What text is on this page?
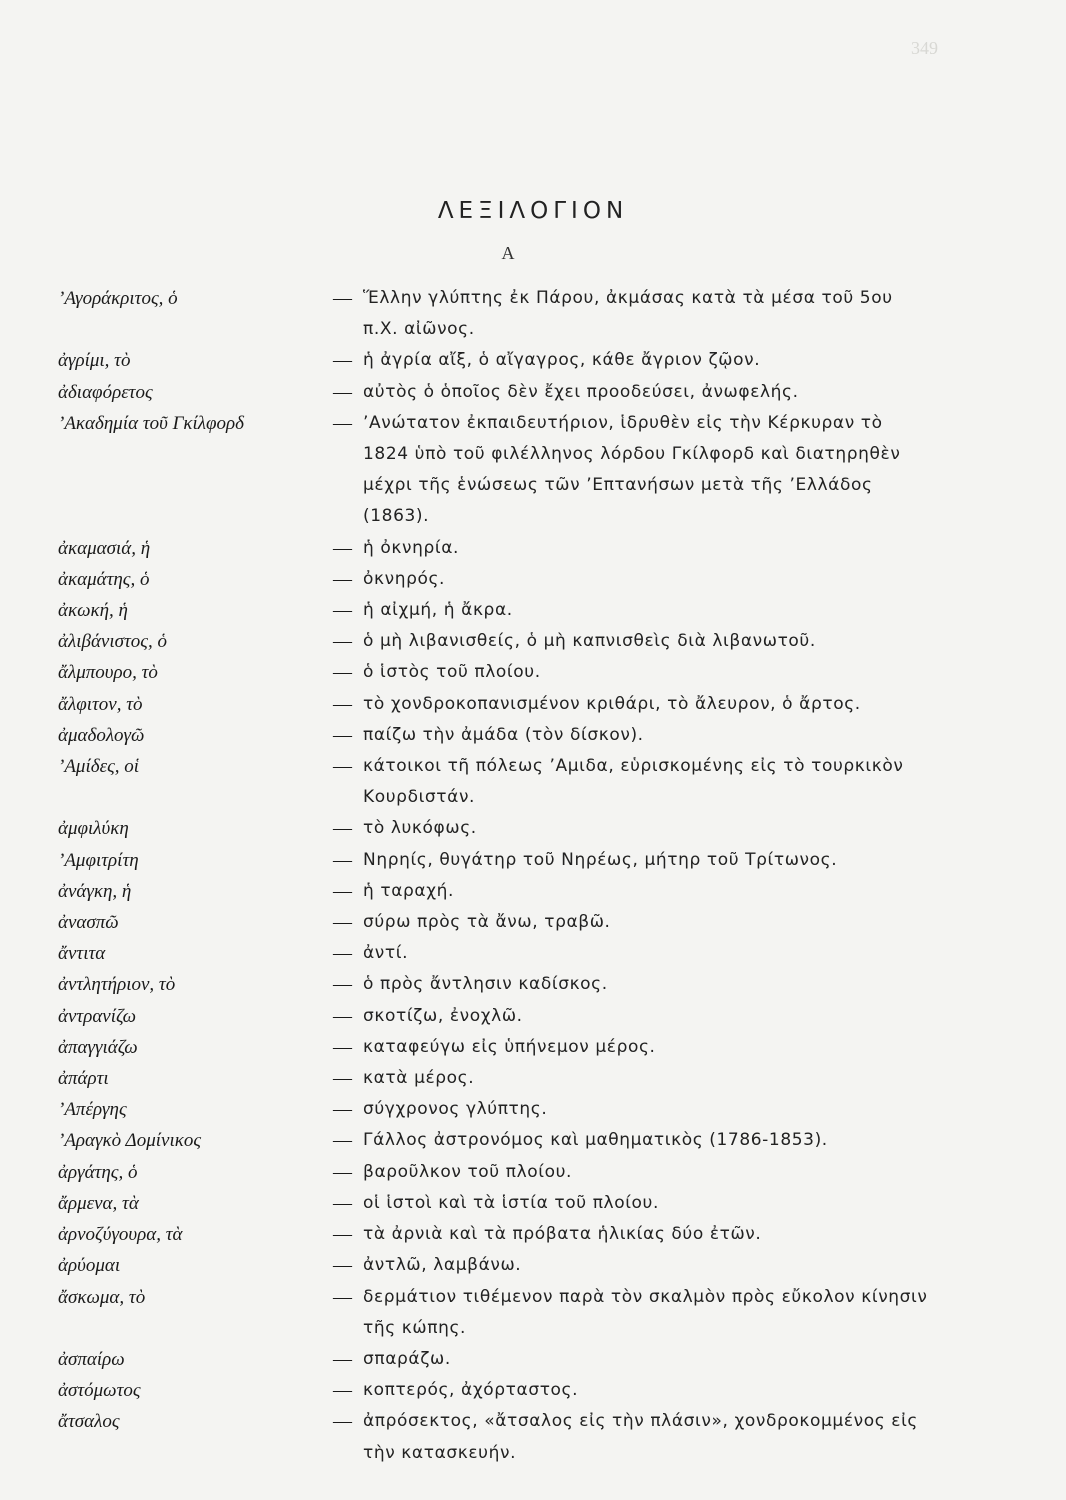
349
ΛΕΞΙΛΟΓΙΟΝ
Α
’Αγοράκριτος, ὁ	— Ἕλλην γλύπτης ἐκ Πάρου, ἀκμάσας κατὰ τὰ μέσα τοῦ 5ου π.Χ. αἰῶνος.
ἀγρίμι, τὸ	— ἡ ἀγρία αἴξ, ὁ αἴγαγρος, κάθε ἄγριον ζῷον.
ἀδιαφόρετος	— αὐτὸς ὁ ὁποῖος δὲν ἔχει προοδεύσει, ἀνωφελής.
’Ακαδημία τοῦ Γκίλφορδ	— ’Ανώτατον ἐκπαιδευτήριον, ἱδρυθὲν εἰς τὴν Κέρκυραν τὸ 1824 ὑπὸ τοῦ φιλέλληνος λόρδου Γκίλφορδ καὶ διατηρηθὲν μέχρι τῆς ἑνώσεως τῶν ’Επτανήσων μετὰ τῆς ’Ελλάδος (1863).
ἀκαμασιά, ἡ	— ἡ ὀκνηρία.
ἀκαμάτης, ὁ	— ὀκνηρός.
ἀκωκή, ἡ	— ἡ αἰχμή, ἡ ἄκρα.
ἀλιβάνιστος, ὁ	— ὁ μὴ λιβανισθείς, ὁ μὴ καπνισθεὶς διὰ λιβανωτοῦ.
ἄλμπουρο, τὸ	— ὁ ἱστὸς τοῦ πλοίου.
ἄλφιτον, τὸ	— τὸ χονδροκοπανισμένον κριθάρι, τὸ ἄλευρον, ὁ ἄρτος.
ἀμαδολογῶ	— παίζω τὴν ἀμάδα (τὸν δίσκον).
’Αμίδες, οἱ	— κάτοικοι τῆ πόλεως ’Αμιδα, εὑρισκομένης εἰς τὸ τουρκικὸν Κουρδιστάν.
ἀμφιλύκη	— τὸ λυκόφως.
’Αμφιτρίτη	— Νηρηίς, θυγάτηρ τοῦ Νηρέως, μήτηρ τοῦ Τρίτωνος.
ἀνάγκη, ἡ	— ἡ ταραχή.
ἀνασπῶ	— σύρω πρὸς τὰ ἄνω, τραβῶ.
ἄντιτα	— ἀντί.
ἀντλητήριον, τὸ	— ὁ πρὸς ἄντλησιν καδίσκος.
ἀντρανίζω	— σκοτίζω, ἐνοχλῶ.
ἀπαγγιάζω	— καταφεύγω εἰς ὑπήνεμον μέρος.
ἀπάρτι	— κατὰ μέρος.
’Απέργης	— σύγχρονος γλύπτης.
’Αραγκὸ Δομίνικος	— Γάλλος ἀστρονόμος καὶ μαθηματικὸς (1786-1853).
ἀργάτης, ὁ	— βαροῦλκον τοῦ πλοίου.
ἄρμενα, τὰ	— οἱ ἱστοὶ καὶ τὰ ἱστία τοῦ πλοίου.
ἀρνοζύγουρα, τὰ	— τὰ ἀρνιὰ καὶ τὰ πρόβατα ἡλικίας δύο ἐτῶν.
ἀρύομαι	— ἀντλῶ, λαμβάνω.
ἄσκωμα, τὸ	— δερμάτιον τιθέμενον παρὰ τὸν σκαλμὸν πρὸς εὔκολον κίνησιν τῆς κώπης.
ἀσπαίρω	— σπαράζω.
ἀστόμωτος	— κοπτερός, ἀχόρταστος.
ἄτσαλος	— ἀπρόσεκτος, «ἄτσαλος εἰς τὴν πλάσιν», χονδροκομμένος εἰς τὴν κατασκευήν.
